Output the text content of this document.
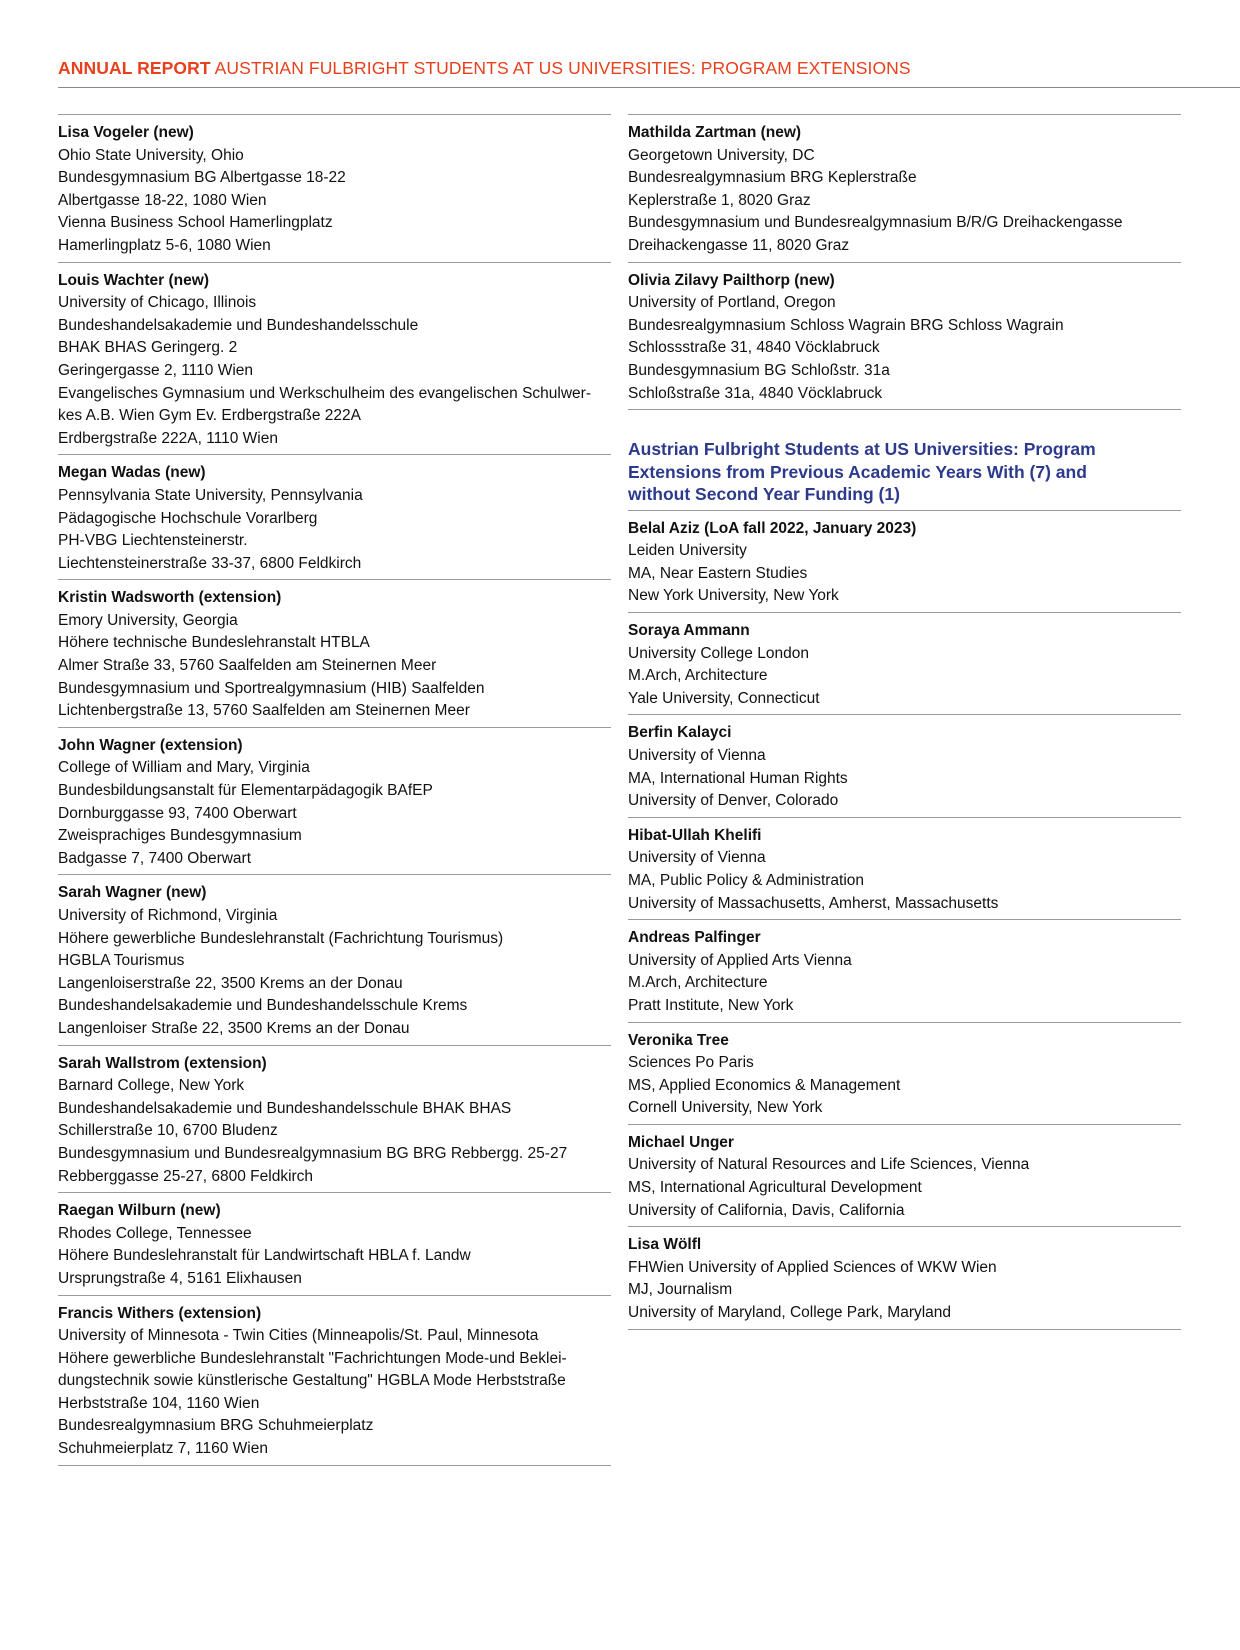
ANNUAL REPORT AUSTRIAN FULBRIGHT STUDENTS AT US UNIVERSITIES: PROGRAM EXTENSIONS
Lisa Vogeler (new)
Ohio State University, Ohio
Bundesgymnasium BG Albertgasse 18-22
Albertgasse 18-22, 1080 Wien
Vienna Business School Hamerlingplatz
Hamerlingplatz 5-6, 1080 Wien
Louis Wachter (new)
University of Chicago, Illinois
Bundeshandelsakademie und Bundeshandelsschule
BHAK BHAS Geringerg. 2
Geringergasse 2, 1110 Wien
Evangelisches Gymnasium und Werkschulheim des evangelischen Schulwer-
kes A.B. Wien Gym Ev. Erdbergstraße 222A
Erdbergstraße 222A, 1110 Wien
Megan Wadas (new)
Pennsylvania State University, Pennsylvania
Pädagogische Hochschule Vorarlberg
PH-VBG Liechtensteinerstr.
Liechtensteinerstraße 33-37, 6800 Feldkirch
Kristin Wadsworth (extension)
Emory University, Georgia
Höhere technische Bundeslehranstalt HTBLA
Almer Straße 33, 5760 Saalfelden am Steinernen Meer
Bundesgymnasium und Sportrealgymnasium (HIB) Saalfelden
Lichtenbergstraße 13, 5760 Saalfelden am Steinernen Meer
John Wagner (extension)
College of William and Mary, Virginia
Bundesbildungsanstalt für Elementarpädagogik BAfEP
Dornburggasse 93, 7400 Oberwart
Zweisprachiges Bundesgymnasium
Badgasse 7, 7400 Oberwart
Sarah Wagner (new)
University of Richmond, Virginia
Höhere gewerbliche Bundeslehranstalt (Fachrichtung Tourismus)
HGBLA Tourismus
Langenloiserstraße 22, 3500 Krems an der Donau
Bundeshandelsakademie und Bundeshandelsschule Krems
Langenloiser Straße 22, 3500 Krems an der Donau
Sarah Wallstrom (extension)
Barnard College, New York
Bundeshandelsakademie und Bundeshandelsschule BHAK BHAS
Schillerstraße 10, 6700 Bludenz
Bundesgymnasium und Bundesrealgymnasium BG BRG Rebbergg. 25-27
Rebberggasse 25-27, 6800 Feldkirch
Raegan Wilburn (new)
Rhodes College, Tennessee
Höhere Bundeslehranstalt für Landwirtschaft HBLA f. Landw
Ursprungstraße 4, 5161 Elixhausen
Francis Withers (extension)
University of Minnesota - Twin Cities (Minneapolis/St. Paul, Minnesota
Höhere gewerbliche Bundeslehranstalt "Fachrichtungen Mode-und Beklei-
dungstechnik sowie künstlerische Gestaltung" HGBLA Mode Herbststraße
Herbststraße 104, 1160 Wien
Bundesrealgymnasium BRG Schuhmeierplatz
Schuhmeierplatz 7, 1160 Wien
Mathilda Zartman (new)
Georgetown University, DC
Bundesrealgymnasium BRG Keplerstraße
Keplerstraße 1, 8020 Graz
Bundesgymnasium und Bundesrealgymnasium B/R/G Dreihackengasse
Dreihackengasse 11, 8020 Graz
Olivia Zilavy Pailthorp (new)
University of Portland, Oregon
Bundesrealgymnasium Schloss Wagrain BRG Schloss Wagrain
Schlossstraße 31, 4840 Vöcklabruck
Bundesgymnasium BG Schloßstr. 31a
Schloßstraße 31a, 4840 Vöcklabruck
Austrian Fulbright Students at US Universities: Program
Extensions from Previous Academic Years With (7) and
without Second Year Funding (1)
Belal Aziz (LoA fall 2022, January 2023)
Leiden University
MA, Near Eastern Studies
New York University, New York
Soraya Ammann
University College London
M.Arch, Architecture
Yale University, Connecticut
Berfin Kalayci
University of Vienna
MA, International Human Rights
University of Denver, Colorado
Hibat-Ullah Khelifi
University of Vienna
MA, Public Policy & Administration
University of Massachusetts, Amherst, Massachusetts
Andreas Palfinger
University of Applied Arts Vienna
M.Arch, Architecture
Pratt Institute, New York
Veronika Tree
Sciences Po Paris
MS, Applied Economics & Management
Cornell University, New York
Michael Unger
University of Natural Resources and Life Sciences, Vienna
MS, International Agricultural Development
University of California, Davis, California
Lisa Wölfl
FHWien University of Applied Sciences of WKW Wien
MJ, Journalism
University of Maryland, College Park, Maryland
